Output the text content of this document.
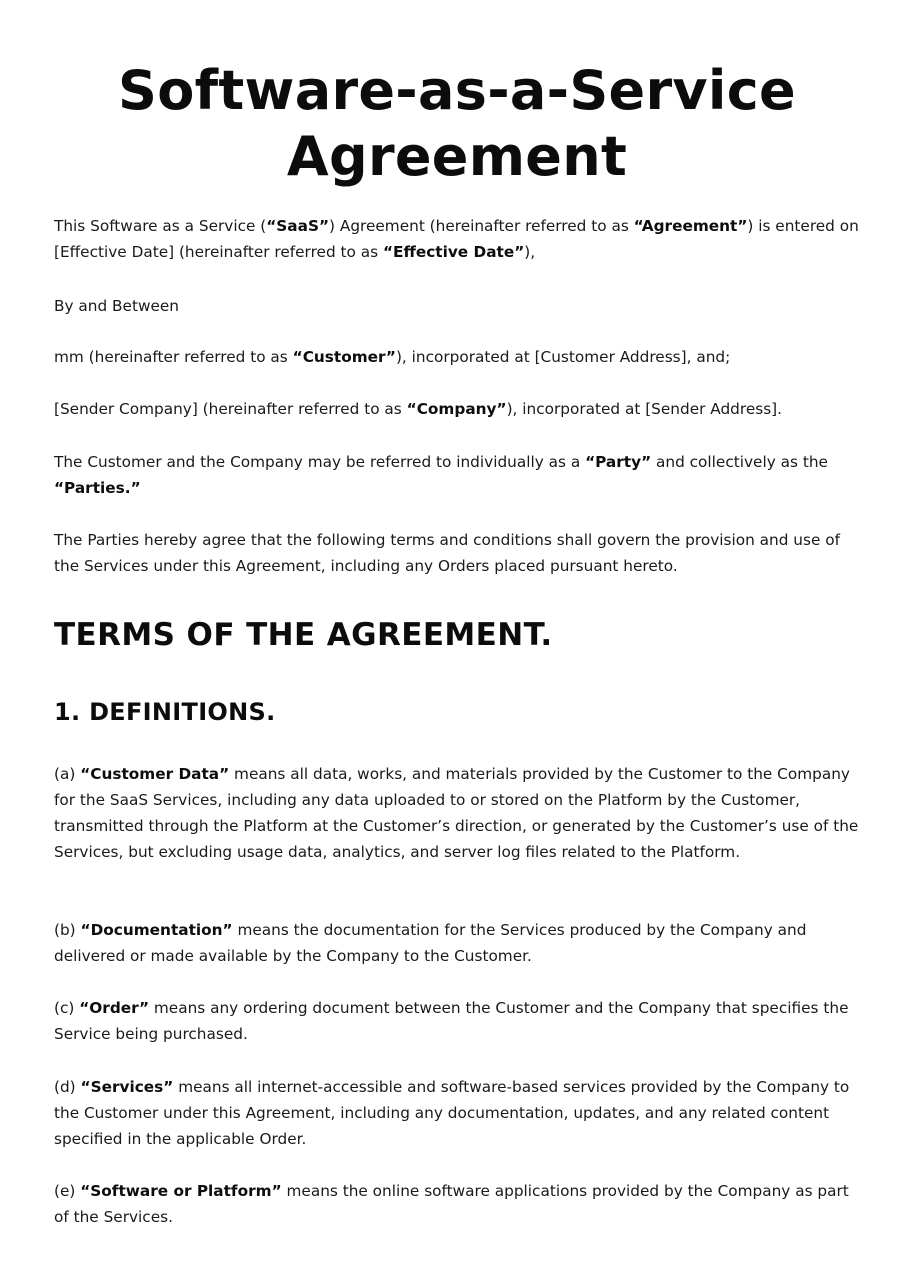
Software-as-a-Service
Agreement

This Software as a Service (“SaaS”) Agreement (hereinafter referred to as “Agreement”) is entered on [Effective Date] (hereinafter referred to as “Effective Date”),

By and Between

mm (hereinafter referred to as “Customer”), incorporated at [Customer Address], and;

[Sender Company] (hereinafter referred to as “Company”), incorporated at [Sender Address].

The Customer and the Company may be referred to individually as a “Party” and collectively as the “Parties.”

The Parties hereby agree that the following terms and conditions shall govern the provision and use of the Services under this Agreement, including any Orders placed pursuant hereto.

TERMS OF THE AGREEMENT.
1. DEFINITIONS.

(a) “Customer Data” means all data, works, and materials provided by the Customer to the Company for the SaaS Services, including any data uploaded to or stored on the Platform by the Customer, transmitted through the Platform at the Customer’s direction, or generated by the Customer’s use of the Services, but excluding usage data, analytics, and server log files related to the Platform.

(b) “Documentation” means the documentation for the Services produced by the Company and delivered or made available by the Company to the Customer.

(c) “Order” means any ordering document between the Customer and the Company that specifies the Service being purchased.

(d) “Services” means all internet-accessible and software-based services provided by the Company to the Customer under this Agreement, including any documentation, updates, and any related content specified in the applicable Order.

(e) “Software or Platform” means the online software applications provided by the Company as part of the Services.
